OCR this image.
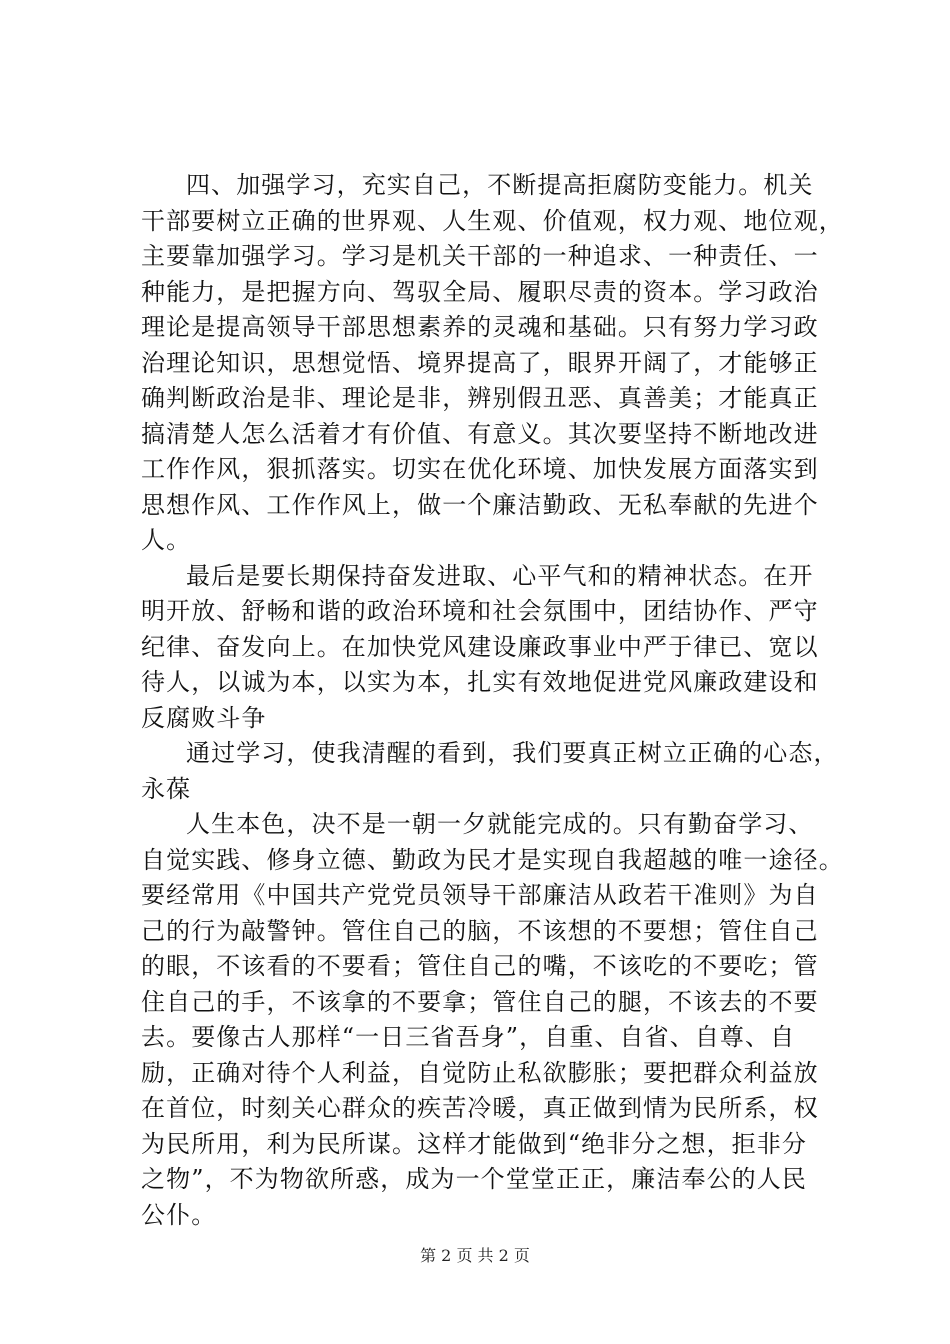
四、加强学习，充实自己，不断提高拒腐防变能力。机关
干部要树立正确的世界观、人生观、价值观，权力观、地位观，
主要靠加强学习。学习是机关干部的一种追求、一种责任、一
种能力，是把握方向、驾驭全局、履职尽责的资本。学习政治
理论是提高领导干部思想素养的灵魂和基础。只有努力学习政
治理论知识，思想觉悟、境界提高了，眼界开阔了，才能够正
确判断政治是非、理论是非，辨别假丑恶、真善美；才能真正
搞清楚人怎么活着才有价值、有意义。其次要坚持不断地改进
工作作风，狠抓落实。切实在优化环境、加快发展方面落实到
思想作风、工作作风上，做一个廉洁勤政、无私奉献的先进个
人。
最后是要长期保持奋发进取、心平气和的精神状态。在开
明开放、舒畅和谐的政治环境和社会氛围中，团结协作、严守
纪律、奋发向上。在加快党风建设廉政事业中严于律已、宽以
待人，以诚为本，以实为本，扎实有效地促进党风廉政建设和
反腐败斗争
通过学习，使我清醒的看到，我们要真正树立正确的心态，
永葆
人生本色，决不是一朝一夕就能完成的。只有勤奋学习、
自觉实践、修身立德、勤政为民才是实现自我超越的唯一途径。
要经常用《中国共产党党员领导干部廉洁从政若干准则》为自
己的行为敲警钟。管住自己的脑，不该想的不要想；管住自己
的眼，不该看的不要看；管住自己的嘴，不该吃的不要吃；管
住自己的手，不该拿的不要拿；管住自己的腿，不该去的不要
去。要像古人那样“一日三省吾身”，自重、自省、自尊、自
励，正确对待个人利益，自觉防止私欲膨胀；要把群众利益放
在首位，时刻关心群众的疾苦冷暖，真正做到情为民所系，权
为民所用，利为民所谋。这样才能做到“绝非分之想，拒非分
之物”，不为物欲所惑，成为一个堂堂正正，廉洁奉公的人民
公仆。
第 2 页 共 2 页
